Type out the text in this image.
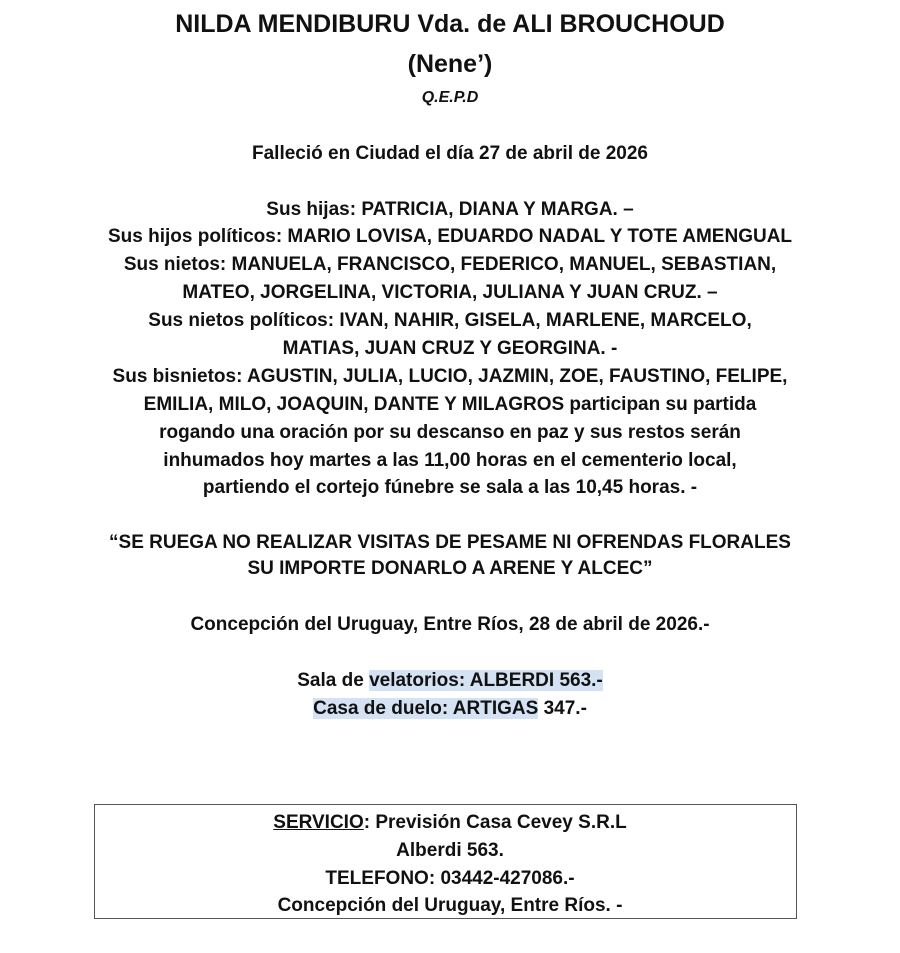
NILDA MENDIBURU Vda. de ALI BROUCHOUD
(Nene’)
Q.E.P.D
Falleció en Ciudad el día 27 de abril de 2026
Sus hijas: PATRICIA, DIANA Y MARGA. –
Sus hijos políticos: MARIO LOVISA, EDUARDO NADAL Y TOTE AMENGUAL
Sus nietos: MANUELA, FRANCISCO, FEDERICO, MANUEL, SEBASTIAN,
MATEO, JORGELINA, VICTORIA, JULIANA Y JUAN CRUZ. –
Sus nietos políticos: IVAN, NAHIR, GISELA, MARLENE, MARCELO,
MATIAS, JUAN CRUZ Y GEORGINA. -
Sus bisnietos: AGUSTIN, JULIA, LUCIO, JAZMIN, ZOE, FAUSTINO, FELIPE,
EMILIA, MILO, JOAQUIN, DANTE Y MILAGROS participan su partida
rogando una oración por su descanso en paz y sus restos serán
inhumados hoy martes a las 11,00 horas en el cementerio local,
partiendo el cortejo fúnebre se sala a las 10,45 horas. -
“SE RUEGA NO REALIZAR VISITAS DE PESAME NI OFRENDAS FLORALES
SU IMPORTE DONARLO A ARENE Y ALCEC”
Concepción del Uruguay, Entre Ríos, 28 de abril de 2026.-
Sala de velatorios: ALBERDI 563.-
Casa de duelo: ARTIGAS 347.-
SERVICIO: Previsión Casa Cevey S.R.L
Alberdi 563.
TELEFONO: 03442-427086.-
Concepción del Uruguay, Entre Ríos. -
